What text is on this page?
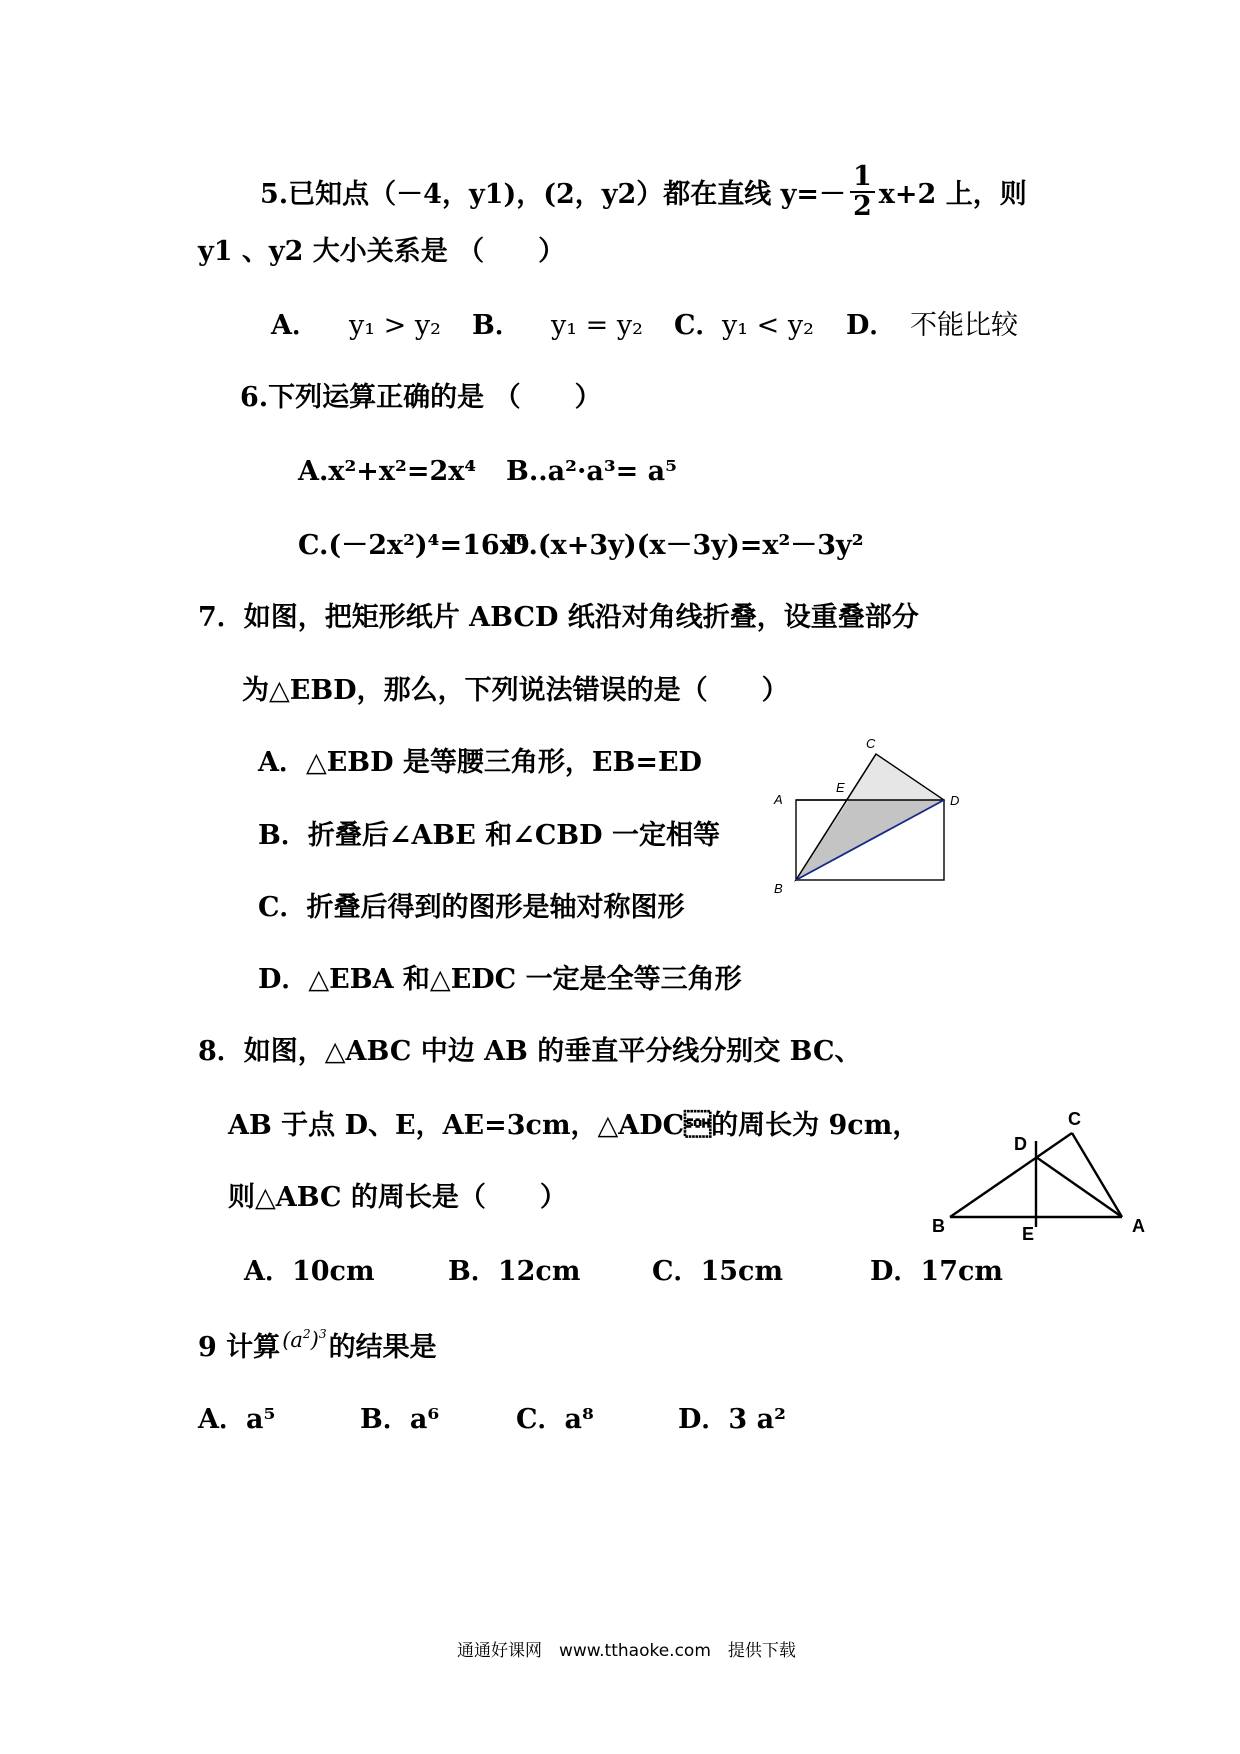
5.已知点（－4，y1)，(2，y2）都在直线 $y=- \frac{1}{2} x+2$ 上，则
y1 、y2 大小关系是 （　　）
A． y₁ > y₂ B． y₁ = y₂ C． y₁ < y₂ D． 不能比较
6.下列运算正确的是 （　　）
A.x²+x²=2x⁴ B..a²·a³= a⁵
C.(－2x²)⁴=16x⁶
D.(x+3y)(x－3y)=x²－3y²
7．如图，把矩形纸片 ABCD 纸沿对角线折叠，设重叠部分
为△EBD，那么，下列说法错误的是（　　）
A．△EBD 是等腰三角形，EB=ED
B．折叠后∠ABE 和∠CBD 一定相等
C．折叠后得到的图形是轴对称图形
D．△EBA 和△EDC 一定是全等三角形
A
B
C
D
E
8．如图，△ABC 中边 AB 的垂直平分线分别交 BC、
AB 于点 D、E，AE=3cm，△ADC的周长为 9cm，
则△ABC 的周长是（　　）
A．10cm	B．12cm	C．15cm	D．17cm
B	A
C
D
E
9 计算$^{(a^2)^3}$的结果是
A．a⁵	B．a⁶	C．a⁸	D．3 a²
通通好课网　www.tthaoke.com　提供下载
